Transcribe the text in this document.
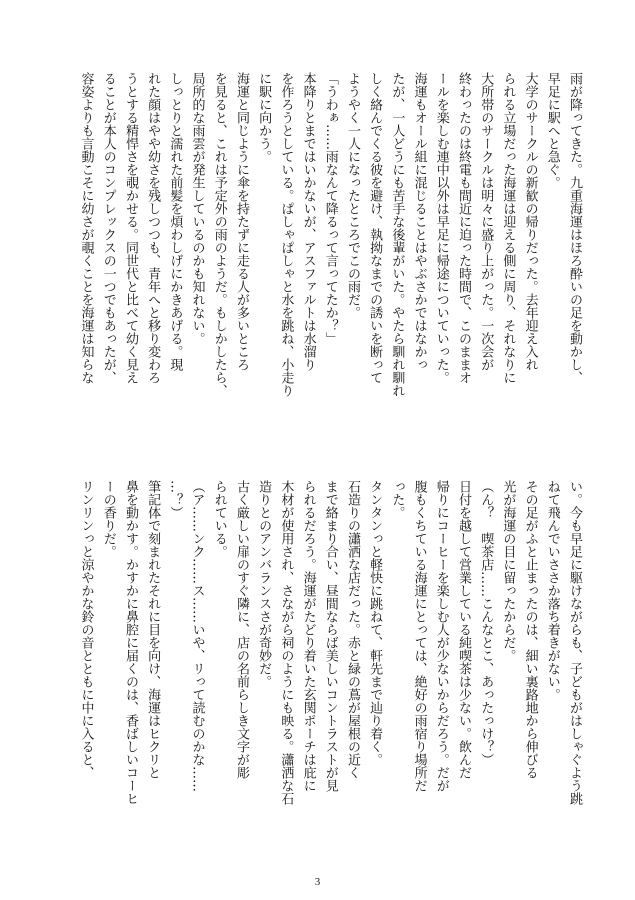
雨が降ってきた。九重海運はほろ酔いの足を動かし、
早足に駅へと急ぐ。
大学のサークルの新歓の帰りだった。去年迎え入れ
られる立場だった海運は迎える側に周り、それなりに
大所帯のサークルは明々に盛り上がった。一次会が
終わったのは終電も間近に迫った時間で、このままオ
ールを楽しむ連中以外は早足に帰途についていった。
海運もオール組に混じることはやぶさかではなかっ
たが、一人どうにも苦手な後輩がいた。やたら馴れ馴れ
しく絡んでくる彼を避け、執拗なまでの誘いを断って
ようやく一人になったところでこの雨だ。
「うわぁ……雨なんて降るって言ってたか？」
本降りとまではいかないが、アスファルトは水溜り
を作ろうとしている。ぱしゃぱしゃと水を跳ね、小走り
に駅に向かう。
海運と同じように傘を持たずに走る人が多いところ
を見ると、これは予定外の雨のようだ。もしかしたら、
局所的な雨雲が発生しているのかも知れない。
しっとりと濡れた前髪を煩わしげにかきあげる。現
れた顔はやや幼さを残しつつも、青年へと移り変わろ
うとする精悍さを覗かせる。同世代と比べて幼く見え
ることが本人のコンプレックスの一つでもあったが、
容姿よりも言動こそに幼さが覗くことを海運は知らな
い。今も早足に駆けながらも、子どもがはしゃぐよう跳
ねて飛んでいささか落ち着きがない。
その足がふと止まったのは、細い裏路地から伸びる
光が海運の目に留ったからだ。
（ん？　喫茶店……こんなとこ、あったっけ？）
日付を越して営業している純喫茶は少ない。飲んだ
帰りにコーヒーを楽しむ人が少ないからだろう。だが
腹もくちている海運にとっては、絶好の雨宿り場所だ
った。
タンタンっと軽快に跳ねて、軒先まで辿り着く。
石造りの瀟洒な店だった。赤と緑の蔦が屋根の近く
まで絡まり合い、昼間ならば美しいコントラストが見
られるだろう。海運がたどり着いた玄関ポーチは庇に
木材が使用され、さながら祠のようにも映る。瀟洒な石
造りとのアンバランスさが奇妙だ。
古く厳しい扉のすぐ隣に、店の名前らしき文字が彫
られている。
（ア……ンク……ス……いや、リって読むのかな……
…？）
筆記体で刻まれたそれに目を向け、海運はヒクリと
鼻を動かす。かすかに鼻腔に届くのは、香ばしいコーヒ
ーの香りだ。
リンリンっと涼やかな鈴の音とともに中に入ると、
3
